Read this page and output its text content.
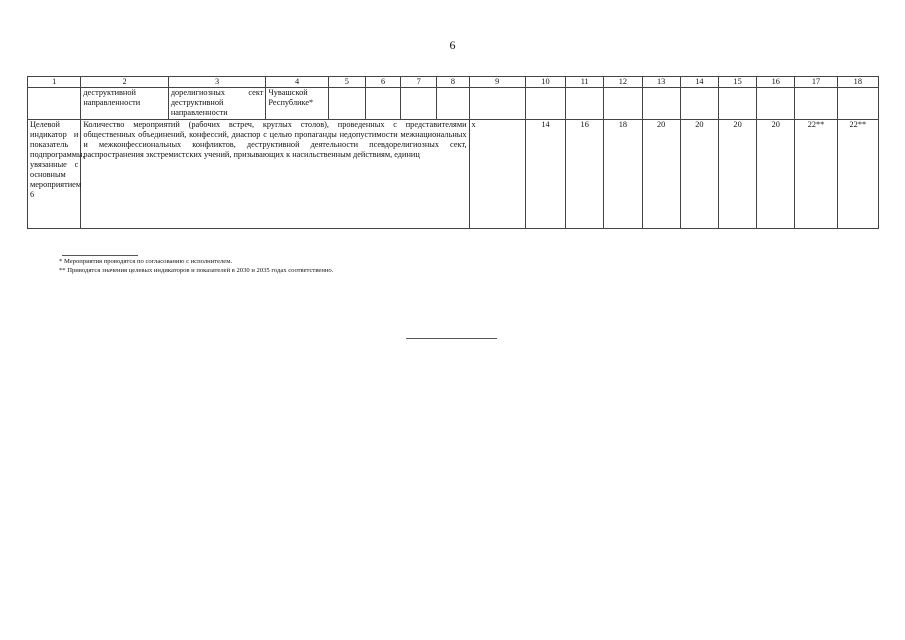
6
1	2	3	4	5	6	7	8	9	10	11	12	13	14	15	16	17	18
	деструктивной направленности	дорелигиозных сект деструктивной направленности	Чувашской Республике*														
Целевой индикатор и показатель подпрограммы, увязанные с основным мероприятием 6	Количество мероприятий (рабочих встреч, круглых столов), проведенных с представителями общественных объединений, конфессий, диаспор с целью пропаганды недопустимости межнациональных и межконфессиональных конфликтов, деструктивной деятельности псевдорелигиозных сект, распространения экстремистских учений, призывающих к насильственным действиям, единиц							х	14	16	18	20	20	20	20	22**	22**
* Мероприятия проводятся по согласованию с исполнителем.
** Приводятся значения целевых индикаторов и показателей в 2030 и 2035 годах соответственно.
